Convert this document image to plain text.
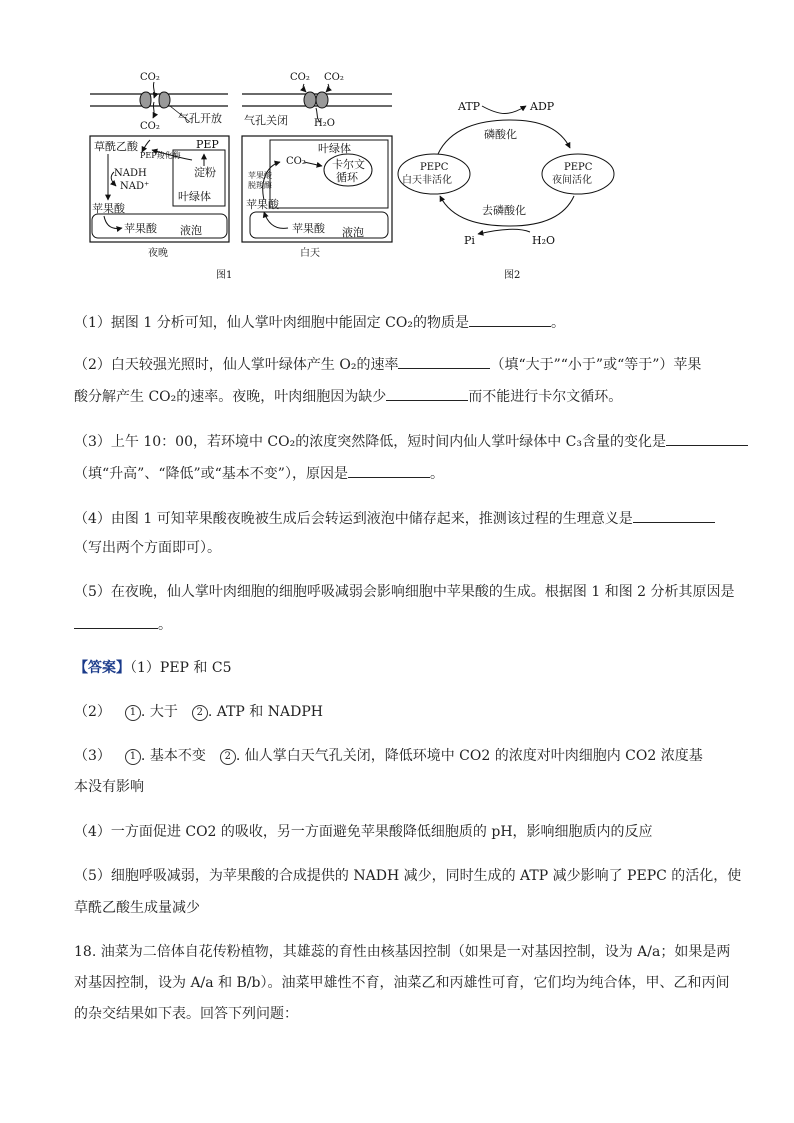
CO₂
CO₂
气孔开放
草酰乙酸
PEP羧化酶
PEP
淀粉
叶绿体
NADH
NAD⁺
苹果酸
苹果酸 液泡
夜晚
CO₂ CO₂
气孔关闭	H₂O
叶绿体
CO₂ 卡尔文
循环
苹果酸
脱羧酶
苹果酸
苹果酸 液泡
白天
图1
ATP	ADP
磷酸化
PEPC
白天非活化
PEPC
夜间活化
去磷酸化
Pi	H₂O
图2
（1）据图 1 分析可知，仙人掌叶肉细胞中能固定 CO₂的物质是	。
（2）白天较强光照时，仙人掌叶绿体产生 O₂的速率	（填“大于”“小于”或“等于”）苹果
酸分解产生 CO₂的速率。夜晚，叶肉细胞因为缺少	而不能进行卡尔文循环。
（3）上午 10：00，若环境中 CO₂的浓度突然降低，短时间内仙人掌叶绿体中 C₃含量的变化是
（填“升高”、“降低”或“基本不变”），原因是	。
（4）由图 1 可知苹果酸夜晚被生成后会转运到液泡中储存起来，推测该过程的生理意义是
（写出两个方面即可）。
（5）在夜晚，仙人掌叶肉细胞的细胞呼吸减弱会影响细胞中苹果酸的生成。根据图 1 和图 2 分析其原因是
。
【答案】（1）PEP 和 C5
（2） 1 . 大于 2 . ATP 和 NADPH
（3） 1 . 基本不变 2 . 仙人掌白天气孔关闭，降低环境中 CO2 的浓度对叶肉细胞内 CO2 浓度基
本没有影响
（4）一方面促进 CO2 的吸收，另一方面避免苹果酸降低细胞质的 pH，影响细胞质内的反应
（5）细胞呼吸减弱，为苹果酸的合成提供的 NADH 减少，同时生成的 ATP 减少影响了 PEPC 的活化，使
草酰乙酸生成量减少
18. 油菜为二倍体自花传粉植物，其雄蕊的育性由核基因控制（如果是一对基因控制，设为 A/a；如果是两
对基因控制，设为 A/a 和 B/b）。油菜甲雄性不育，油菜乙和丙雄性可育，它们均为纯合体，甲、乙和丙间
的杂交结果如下表。回答下列问题：
